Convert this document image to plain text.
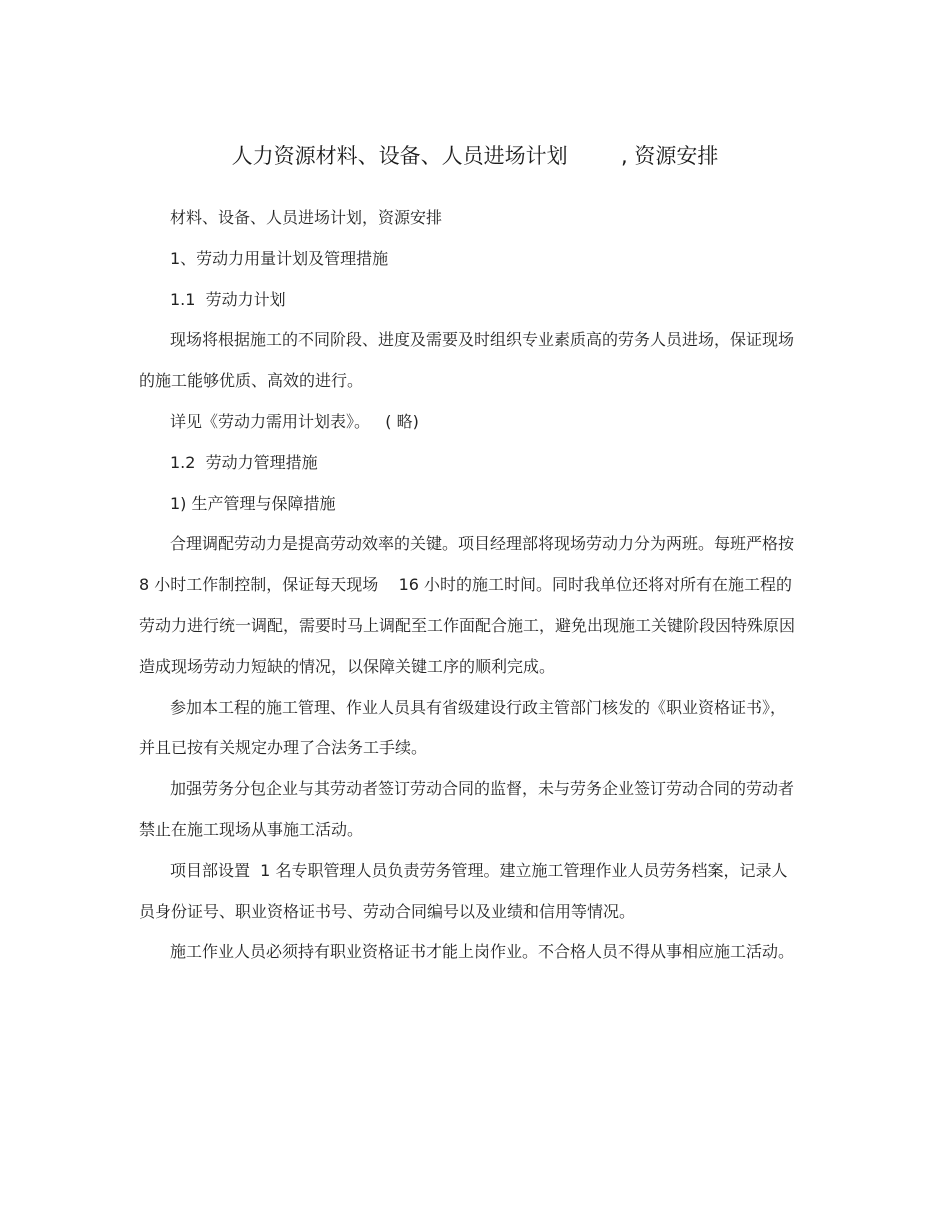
人力资源材料、设备、人员进场计划        , 资源安排

材料、设备、人员进场计划，资源安排

1、劳动力用量计划及管理措施

1.1  劳动力计划

现场将根据施工的不同阶段、进度及需要及时组织专业素质高的劳务人员进场，保证现场的施工能够优质、高效的进行。

详见《劳动力需用计划表》。   ( 略)

1.2  劳动力管理措施

1) 生产管理与保障措施

合理调配劳动力是提高劳动效率的关键。项目经理部将现场劳动力分为两班。每班严格按  8 小时工作制控制，保证每天现场    16 小时的施工时间。同时我单位还将对所有在施工程的劳动力进行统一调配，需要时马上调配至工作面配合施工，避免出现施工关键阶段因特殊原因造成现场劳动力短缺的情况，以保障关键工序的顺利完成。

参加本工程的施工管理、作业人员具有省级建设行政主管部门核发的《职业资格证书》，并且已按有关规定办理了合法务工手续。

加强劳务分包企业与其劳动者签订劳动合同的监督，未与劳务企业签订劳动合同的劳动者禁止在施工现场从事施工活动。

项目部设置  1 名专职管理人员负责劳务管理。建立施工管理作业人员劳务档案，记录人员身份证号、职业资格证书号、劳动合同编号以及业绩和信用等情况。

施工作业人员必须持有职业资格证书才能上岗作业。不合格人员不得从事相应施工活动。
